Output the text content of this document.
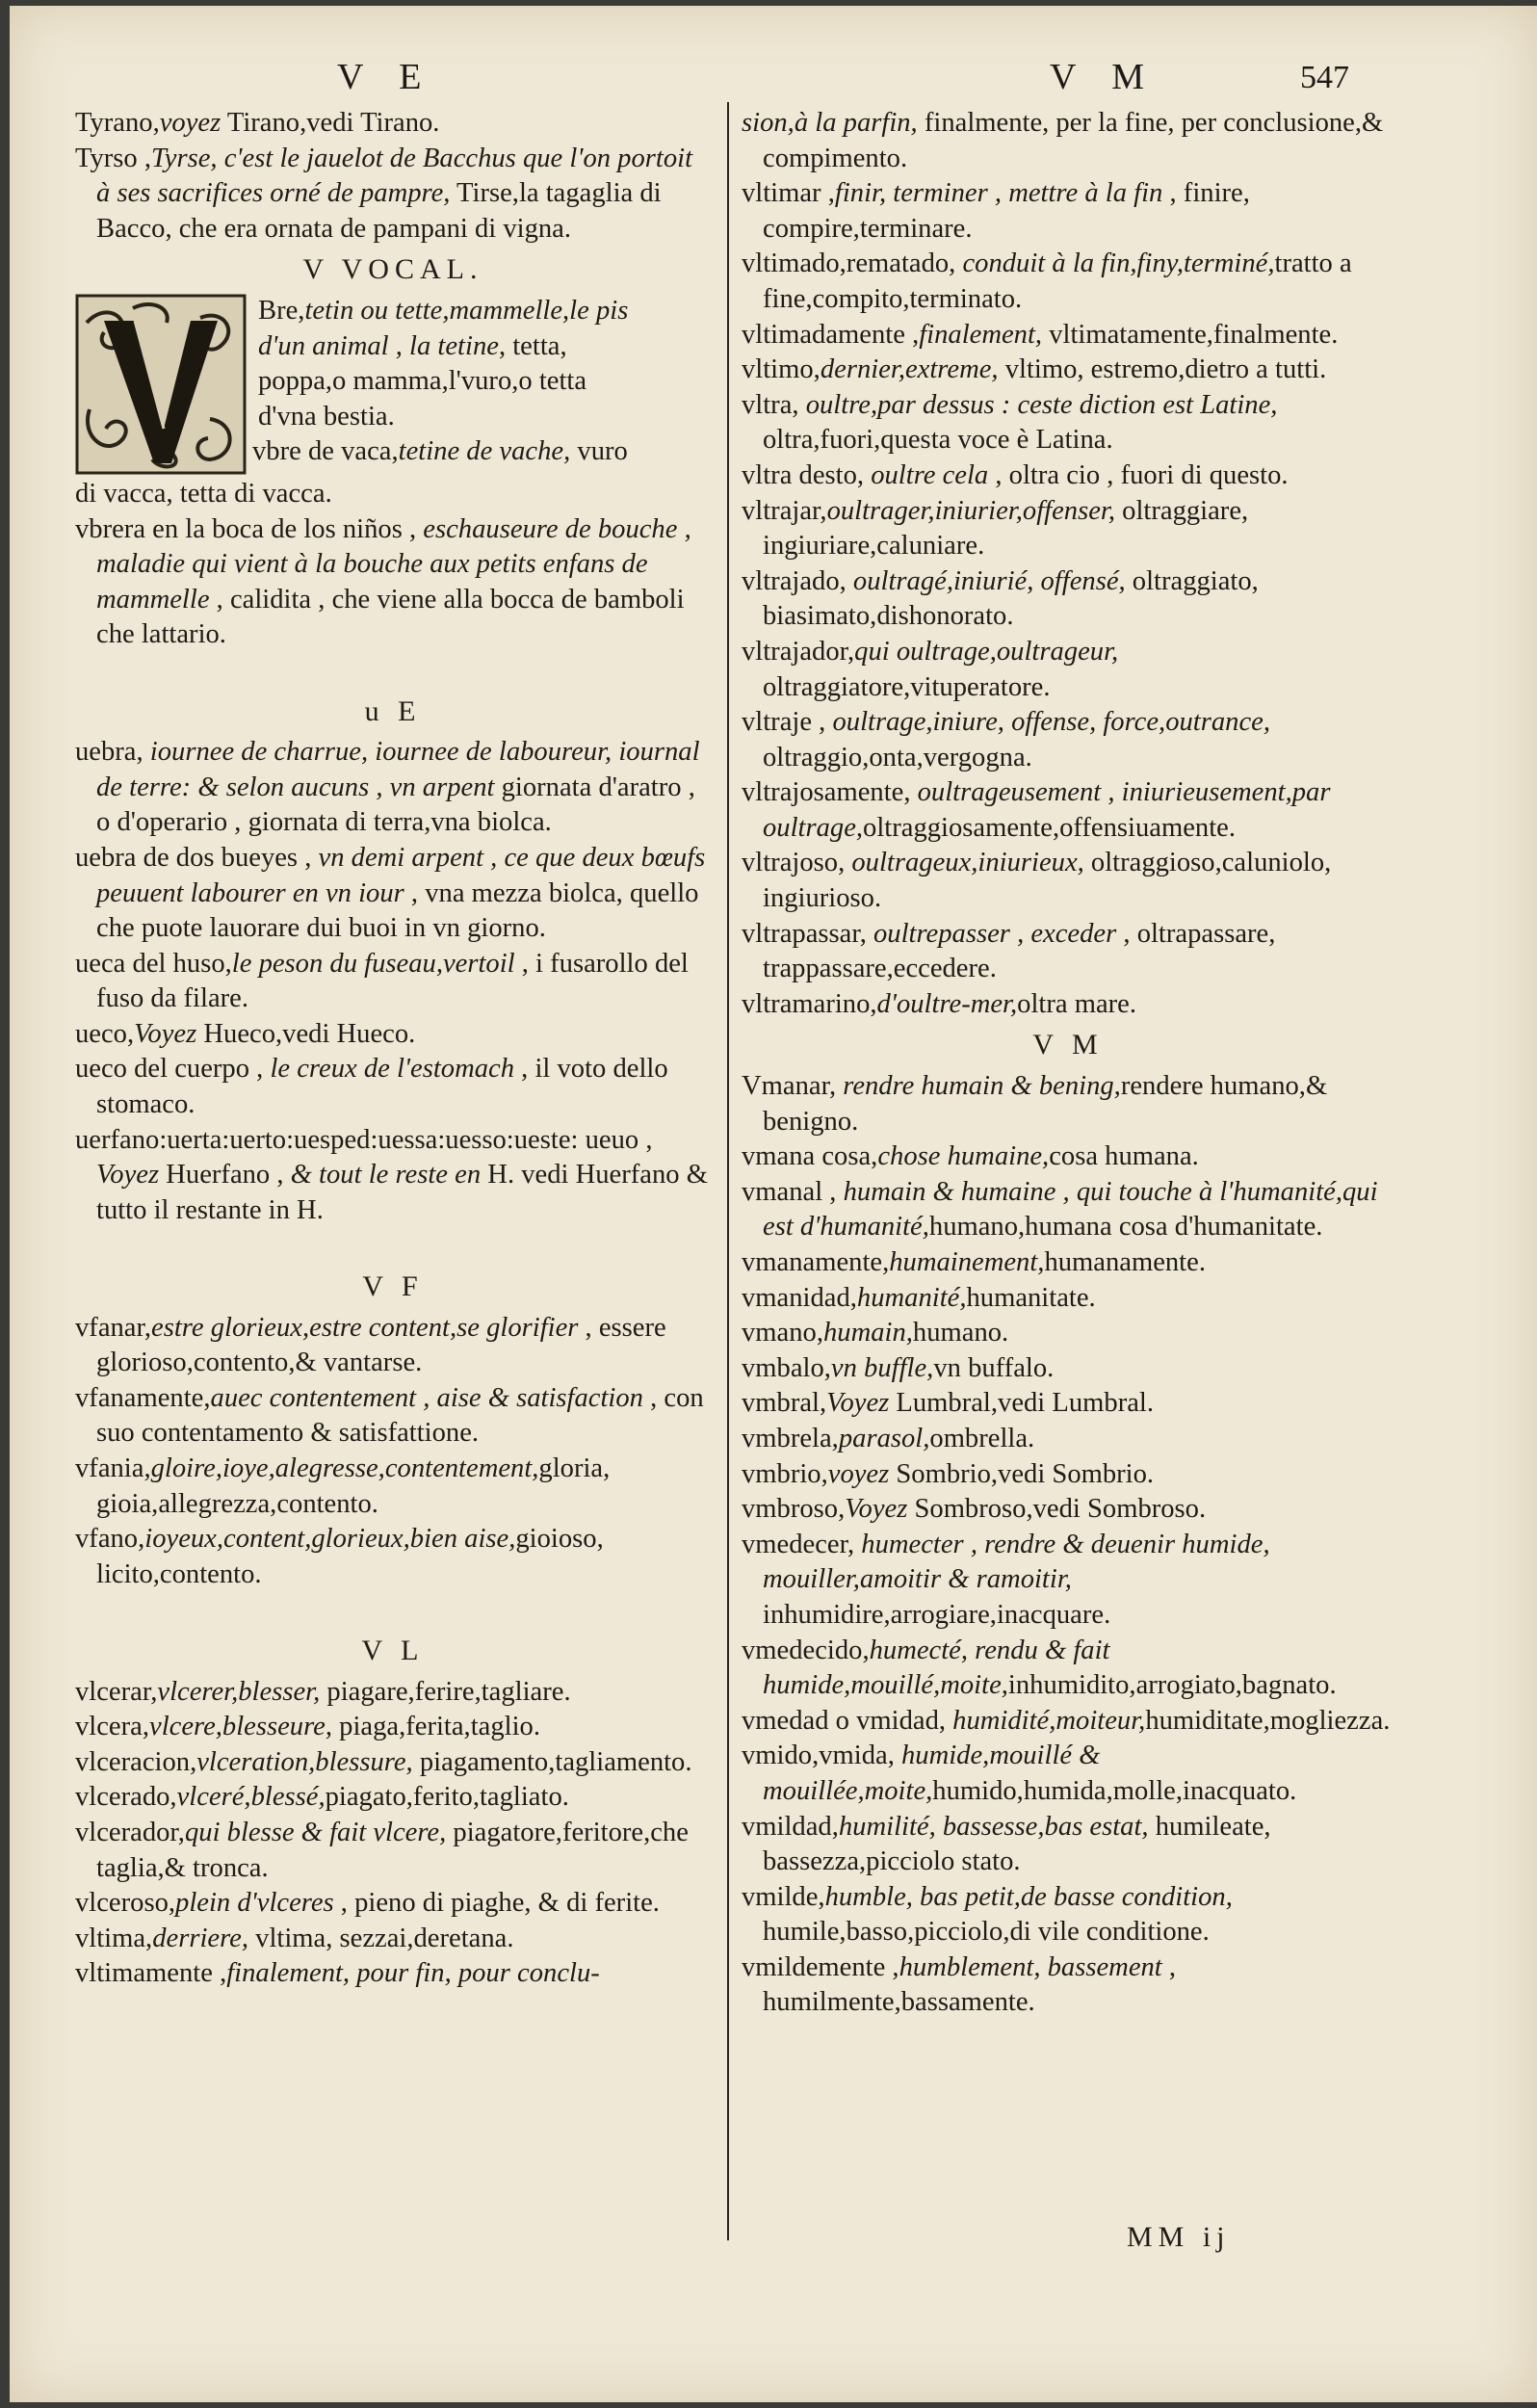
V E	V M	547
Tyrano,voyez Tirano,vedi Tirano.
Tyrso ,Tyrse, c'est le jauelot de Bacchus que l'on portoit à ses sacrifices orné de pampre, Tirse,la tagaglia di Bacco, che era ornata de pampani di vigna.
V VOCAL.
Bre,tetin ou tette,mammelle,le pis
d'un animal , la tetine, tetta,
poppa,o mamma,l'vuro,o tetta
d'vna bestia.
vbre de vaca,tetine de vache, vuro
di vacca, tetta di vacca.
vbrera en la boca de los niños , eschauseure de bouche , maladie qui vient à la bouche aux petits enfans de mammelle , calidita , che viene alla bocca de bamboli che lattario.
u E
uebra, iournee de charrue, iournee de laboureur, iournal de terre: & selon aucuns , vn arpent giornata d'aratro , o d'operario , giornata di terra,vna biolca.
uebra de dos bueyes , vn demi arpent , ce que deux bœufs peuuent labourer en vn iour , vna mezza biolca, quello che puote lauorare dui buoi in vn giorno.
ueca del huso,le peson du fuseau,vertoil , i fusarollo del fuso da filare.
ueco,Voyez Hueco,vedi Hueco.
ueco del cuerpo , le creux de l'estomach , il voto dello stomaco.
uerfano:uerta:uerto:uesped:uessa:uesso:ueste: ueuo , Voyez Huerfano , & tout le reste en H. vedi Huerfano & tutto il restante in H.
V F
vfanar,estre glorieux,estre content,se glorifier , essere glorioso,contento,& vantarse.
vfanamente,auec contentement , aise & satisfaction , con suo contentamento & satisfattione.
vfania,gloire,ioye,alegresse,contentement,gloria, gioia,allegrezza,contento.
vfano,ioyeux,content,glorieux,bien aise,gioioso, licito,contento.
V L
vlcerar,vlcerer,blesser, piagare,ferire,tagliare.
vlcera,vlcere,blesseure, piaga,ferita,taglio.
vlceracion,vlceration,blessure, piagamento,tagliamento.
vlcerado,vlceré,blessé,piagato,ferito,tagliato.
vlcerador,qui blesse & fait vlcere, piagatore,feritore,che taglia,& tronca.
vlceroso,plein d'vlceres , pieno di piaghe, & di ferite.
vltima,derriere, vltima, sezzai,deretana.
vltimamente ,finalement, pour fin, pour conclu-
sion,à la parfin, finalmente, per la fine, per conclusione,& compimento.
vltimar ,finir, terminer , mettre à la fin , finire, compire,terminare.
vltimado,rematado, conduit à la fin,finy,terminé,tratto a fine,compito,terminato.
vltimadamente ,finalement, vltimatamente,finalmente.
vltimo,dernier,extreme, vltimo, estremo,dietro a tutti.
vltra, oultre,par dessus : ceste diction est Latine, oltra,fuori,questa voce è Latina.
vltra desto, oultre cela , oltra cio , fuori di questo.
vltrajar,oultrager,iniurier,offenser, oltraggiare, ingiuriare,caluniare.
vltrajado, oultragé,iniurié, offensé, oltraggiato, biasimato,dishonorato.
vltrajador,qui oultrage,oultrageur, oltraggiatore,vituperatore.
vltraje , oultrage,iniure, offense, force,outrance, oltraggio,onta,vergogna.
vltrajosamente, oultrageusement , iniurieusement,par oultrage,oltraggiosamente,offensiuamente.
vltrajoso, oultrageux,iniurieux, oltraggioso,caluniolo, ingiurioso.
vltrapassar, oultrepasser , exceder , oltrapassare, trappassare,eccedere.
vltramarino,d'oultre-mer,oltra mare.
V M
Vmanar, rendre humain & bening,rendere humano,& benigno.
vmana cosa,chose humaine,cosa humana.
vmanal , humain & humaine , qui touche à l'humanité,qui est d'humanité,humano,humana cosa d'humanitate.
vmanamente,humainement,humanamente.
vmanidad,humanité,humanitate.
vmano,humain,humano.
vmbalo,vn buffle,vn buffalo.
vmbral,Voyez Lumbral,vedi Lumbral.
vmbrela,parasol,ombrella.
vmbrio,voyez Sombrio,vedi Sombrio.
vmbroso,Voyez Sombroso,vedi Sombroso.
vmedecer, humecter , rendre & deuenir humide, mouiller,amoitir & ramoitir, inhumidire,arrogiare,inacquare.
vmedecido,humecté, rendu & fait humide,mouillé,moite,inhumidito,arrogiato,bagnato.
vmedad o vmidad, humidité,moiteur,humiditate,mogliezza.
vmido,vmida, humide,mouillé & mouillée,moite,humido,humida,molle,inacquato.
vmildad,humilité, bassesse,bas estat, humileate, bassezza,picciolo stato.
vmilde,humble, bas petit,de basse condition, humile,basso,picciolo,di vile conditione.
vmildemente ,humblement, bassement , humilmente,bassamente.
MM ij
